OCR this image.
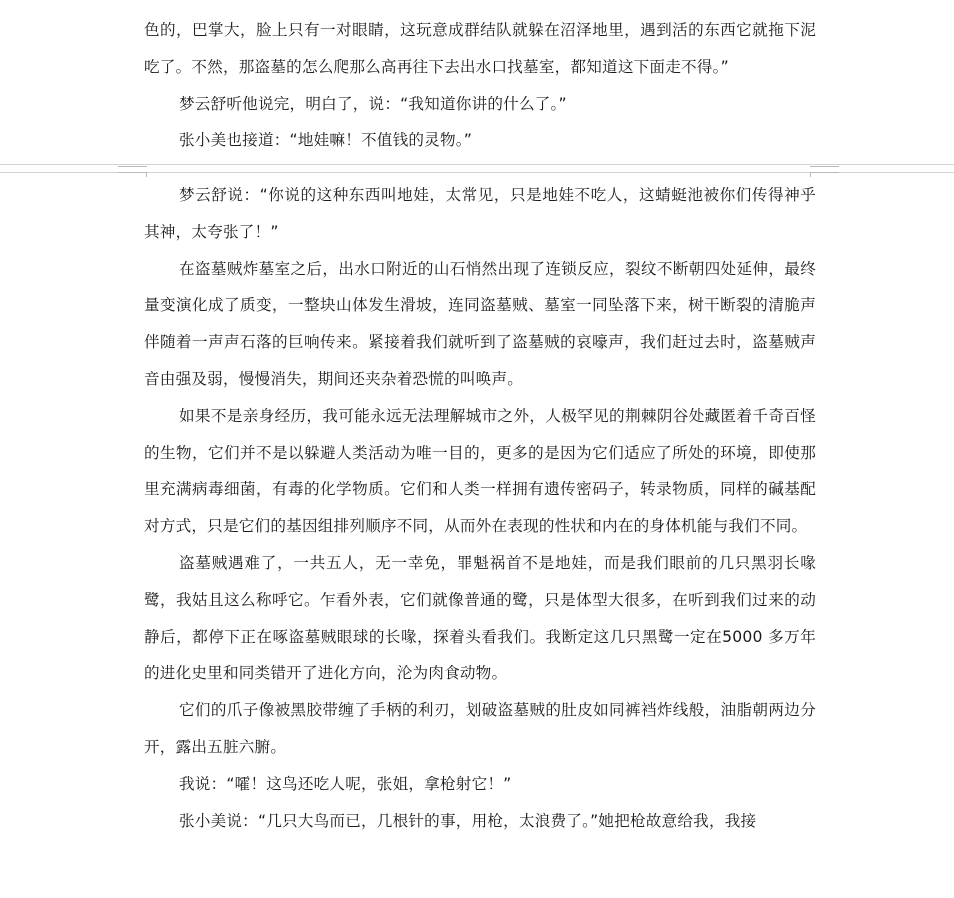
色的，巴掌大，脸上只有一对眼睛，这玩意成群结队就躲在沼泽地里，遇到活的东西它就拖下泥吃了。不然，那盗墓的怎么爬那么高再往下去出水口找墓室，都知道这下面走不得。”

梦云舒听他说完，明白了，说：“我知道你讲的什么了。”

张小美也接道：“地娃嘛！不值钱的灵物。”

梦云舒说：“你说的这种东西叫地娃，太常见，只是地娃不吃人，这蜻蜓池被你们传得神乎其神，太夸张了！”

在盗墓贼炸墓室之后，出水口附近的山石悄然出现了连锁反应，裂纹不断朝四处延伸，最终量变演化成了质变，一整块山体发生滑坡，连同盗墓贼、墓室一同坠落下来，树干断裂的清脆声伴随着一声声石落的巨响传来。紧接着我们就听到了盗墓贼的哀嚎声，我们赶过去时，盗墓贼声音由强及弱，慢慢消失，期间还夹杂着恐慌的叫唤声。

如果不是亲身经历，我可能永远无法理解城市之外，人极罕见的荆棘阴谷处藏匿着千奇百怪的生物，它们并不是以躲避人类活动为唯一目的，更多的是因为它们适应了所处的环境，即使那里充满病毒细菌，有毒的化学物质。它们和人类一样拥有遗传密码子，转录物质，同样的碱基配对方式，只是它们的基因组排列顺序不同，从而外在表现的性状和内在的身体机能与我们不同。

盗墓贼遇难了，一共五人，无一幸免，罪魁祸首不是地娃，而是我们眼前的几只黑羽长喙鹭，我姑且这么称呼它。乍看外表，它们就像普通的鹭，只是体型大很多，在听到我们过来的动静后，都停下正在啄盗墓贼眼球的长喙，探着头看我们。我断定这几只黑鹭一定在5000 多万年的进化史里和同类错开了进化方向，沦为肉食动物。

它们的爪子像被黑胶带缠了手柄的利刃，划破盗墓贼的肚皮如同裤裆炸线般，油脂朝两边分开，露出五脏六腑。

我说：“嚯！这鸟还吃人呢，张姐，拿枪射它！”

张小美说：“几只大鸟而已，几根针的事，用枪，太浪费了。”她把枪故意给我，我接
